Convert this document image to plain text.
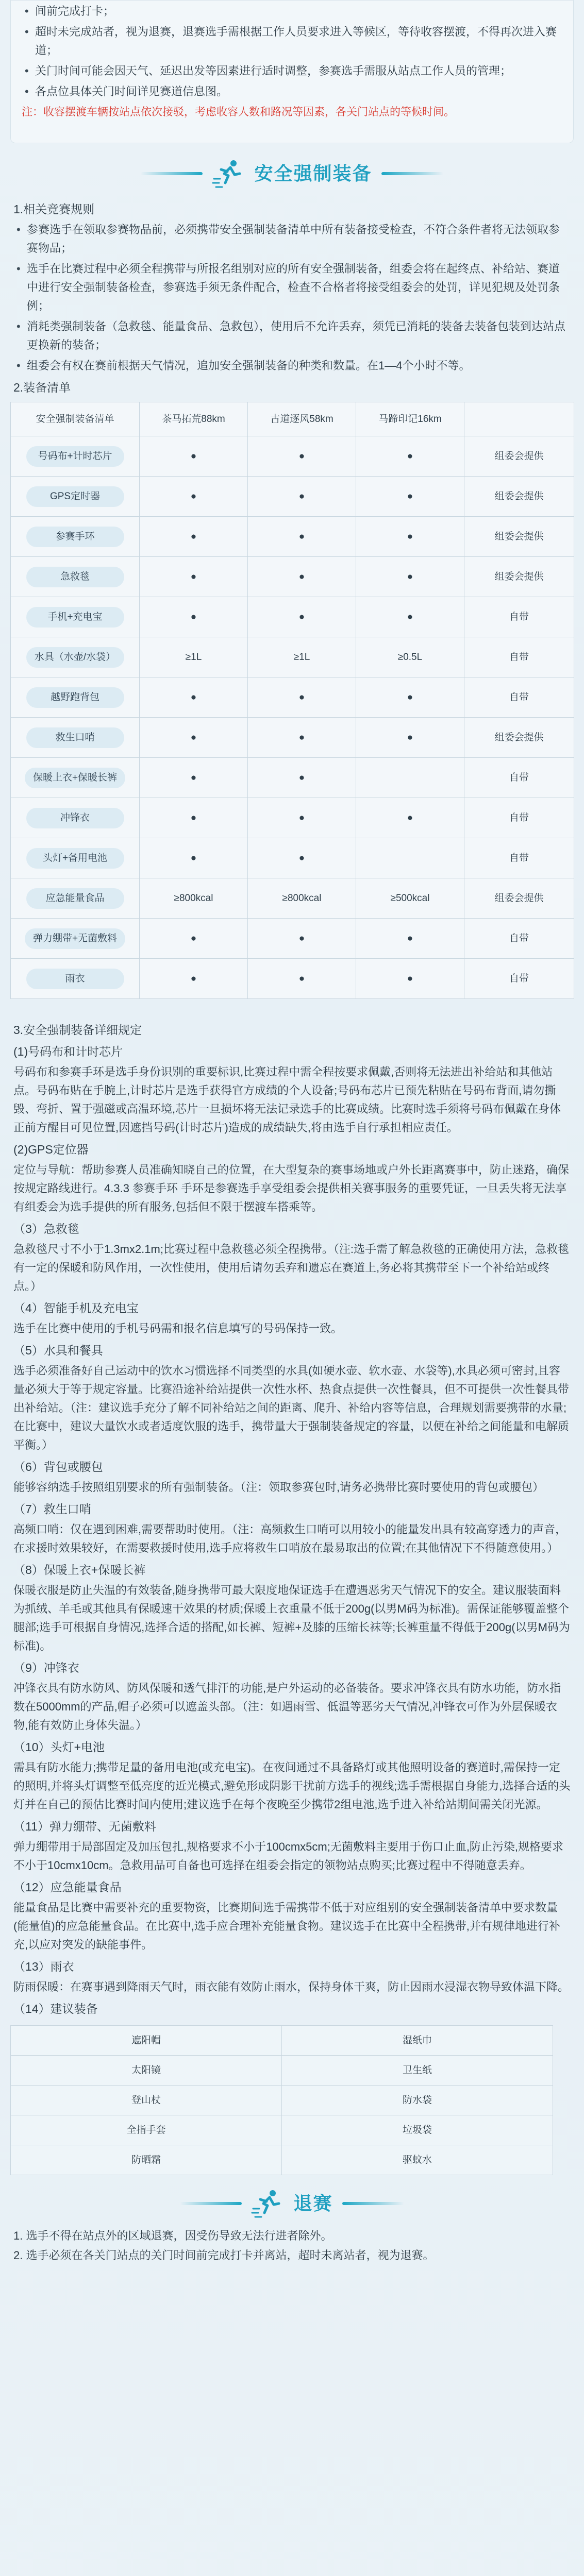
• 间前完成打卡；
• 超时未完成站者，视为退赛，退赛选手需根据工作人员要求进入等候区，等待收容摆渡，不得再次进入赛道；
• 关门时间可能会因天气、延迟出发等因素进行适时调整，参赛选手需服从站点工作人员的管理；
• 各点位具体关门时间详见赛道信息图。

注：收容摆渡车辆按站点依次接驳，考虑收容人数和路况等因素，各关门站点的等候时间。

安全强制装备
1.相关竞赛规则
• 参赛选手在领取参赛物品前，必须携带安全强制装备清单中所有装备接受检查，不符合条件者将无法领取参赛物品；
• 选手在比赛过程中必须全程携带与所报名组别对应的所有安全强制装备，组委会将在起终点、补给站、赛道中进行安全强制装备检查，参赛选手须无条件配合，检查不合格者将接受组委会的处罚，详见犯规及处罚条例；
• 消耗类强制装备（急救毯、能量食品、急救包），使用后不允许丢弃，须凭已消耗的装备去装备包装到达站点更换新的装备；
• 组委会有权在赛前根据天气情况，追加安全强制装备的种类和数量。在1—4个小时不等。
2.装备清单
安全强制装备清单	茶马拓荒88km	古道逐风58km	马蹄印记16km	
号码布+计时芯片	●	●	●	组委会提供
GPS定时器	●	●	●	组委会提供
参赛手环	●	●	●	组委会提供
急救毯	●	●	●	组委会提供
手机+充电宝	●	●	●	自带
水具（水壶/水袋）	≥1L	≥1L	≥0.5L	自带
越野跑背包	●	●	●	自带
救生口哨	●	●	●	组委会提供
保暖上衣+保暖长裤	●	●		自带
冲锋衣	●	●	●	自带
头灯+备用电池	●	●		自带
应急能量食品	≥800kcal	≥800kcal	≥500kcal	组委会提供
弹力绷带+无菌敷料	●	●	●	自带
雨衣	●	●	●	自带
3.安全强制装备详细规定
(1)号码布和计时芯片

号码布和参赛手环是选手身份识别的重要标识,比赛过程中需全程按要求佩戴,否则将无法进出补给站和其他站点。号码布贴在手腕上,计时芯片是选手获得官方成绩的个人设备;号码布芯片已预先粘贴在号码布背面,请勿撕毁、弯折、置于强磁或高温环境,芯片一旦损坏将无法记录选手的比赛成绩。比赛时选手须将号码布佩戴在身体正前方醒目可见位置,因遮挡号码(计时芯片)造成的成绩缺失,将由选手自行承担相应责任。

(2)GPS定位器

定位与导航：帮助参赛人员准确知晓自己的位置，在大型复杂的赛事场地或户外长距离赛事中，防止迷路，确保按规定路线进行。4.3.3 参赛手环 手环是参赛选手享受组委会提供相关赛事服务的重要凭证，一旦丢失将无法享有组委会为选手提供的所有服务,包括但不限于摆渡车搭乘等。

（3）急救毯

急救毯尺寸不小于1.3mx2.1m;比赛过程中急救毯必须全程携带。（注:选手需了解急救毯的正确使用方法，急救毯有一定的保暖和防风作用，一次性使用，使用后请勿丢弃和遗忘在赛道上,务必将其携带至下一个补给站或终点。）

（4）智能手机及充电宝

选手在比赛中使用的手机号码需和报名信息填写的号码保持一致。

（5）水具和餐具

选手必须准备好自己运动中的饮水习惯选择不同类型的水具(如硬水壶、软水壶、水袋等),水具必须可密封,且容量必须大于等于规定容量。比赛沿途补给站提供一次性水杯、热食点提供一次性餐具，但不可提供一次性餐具带出补给站。（注：建议选手充分了解不同补给站之间的距离、爬升、补给内容等信息，合理规划需要携带的水量;在比赛中，建议大量饮水或者适度饮服的选手，携带量大于强制装备规定的容量，以便在补给之间能量和电解质平衡。）

（6）背包或腰包

能够容纳选手按照组别要求的所有强制装备。（注：领取参赛包时,请务必携带比赛时要使用的背包或腰包）

（7）救生口哨

高频口哨：仅在遇到困难,需要帮助时使用。（注：高频救生口哨可以用较小的能量发出具有较高穿透力的声音，在求援时效果较好，在需要救援时使用,选手应将救生口哨放在最易取出的位置;在其他情况下不得随意使用。）

（8）保暖上衣+保暖长裤

保暖衣服是防止失温的有效装备,随身携带可最大限度地保证选手在遭遇恶劣天气情况下的安全。建议服装面料为抓绒、羊毛或其他具有保暖速干效果的材质;保暖上衣重量不低于200g(以男M码为标准)。需保证能够覆盖整个腿部;选手可根据自身情况,选择合适的搭配,如长裤、短裤+及膝的压缩长袜等;长裤重量不得低于200g(以男M码为标准)。

（9）冲锋衣

冲锋衣具有防水防风、防风保暖和透气排汗的功能,是户外运动的必备装备。要求冲锋衣具有防水功能，防水指数在5000mm的产品,帽子必须可以遮盖头部。（注：如遇雨雪、低温等恶劣天气情况,冲锋衣可作为外层保暖衣物,能有效防止身体失温。）

（10）头灯+电池

需具有防水能力;携带足量的备用电池(或充电宝)。在夜间通过不具备路灯或其他照明设备的赛道时,需保持一定的照明,并将头灯调整至低亮度的近光模式,避免形成阴影干扰前方选手的视线;选手需根据自身能力,选择合适的头灯并在自己的预估比赛时间内使用;建议选手在每个夜晚至少携带2组电池,选手进入补给站期间需关闭光源。

（11）弹力绷带、无菌敷料

弹力绷带用于局部固定及加压包扎,规格要求不小于100cmx5cm;无菌敷料主要用于伤口止血,防止污染,规格要求不小于10cmx10cm。急救用品可自备也可选择在组委会指定的领物站点购买;比赛过程中不得随意丢弃。

（12）应急能量食品

能量食品是比赛中需要补充的重要物资，比赛期间选手需携带不低于对应组别的安全强制装备清单中要求数量(能量值)的应急能量食品。在比赛中,选手应合理补充能量食物。建议选手在比赛中全程携带,并有规律地进行补充,以应对突发的缺能事件。

（13）雨衣

防雨保暖：在赛事遇到降雨天气时，雨衣能有效防止雨水，保持身体干爽，防止因雨水浸湿衣物导致体温下降。

（14）建议装备
遮阳帽	湿纸巾
太阳镜	卫生纸
登山杖	防水袋
全指手套	垃圾袋
防晒霜	驱蚊水
退赛

1. 选手不得在站点外的区域退赛，因受伤导致无法行进者除外。

2. 选手必须在各关门站点的关门时间前完成打卡并离站，超时未离站者，视为退赛。
